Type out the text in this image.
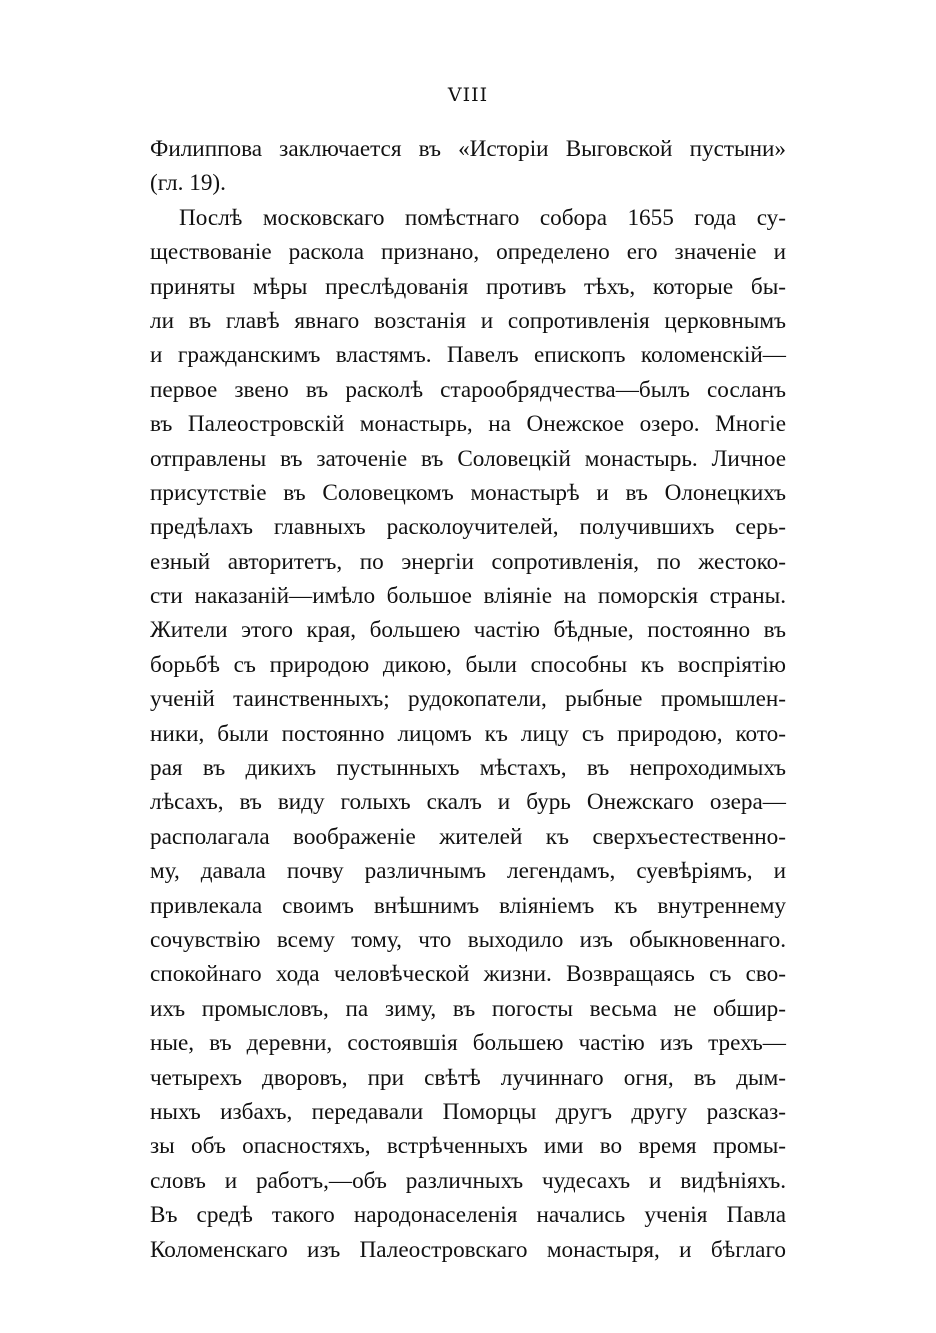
VIII
Филиппова заключается въ «Исторіи Выговской пустыни»
(гл. 19).
Послѣ московскаго помѣстнаго собора 1655 года су-
ществованіе раскола признано, определено его значеніе и
приняты мѣры преслѣдованія противъ тѣхъ, которые бы-
ли въ главѣ явнаго возстанія и сопротивленія церковнымъ
и гражданскимъ властямъ. Павелъ епископъ коломенскій—
первое звено въ расколѣ старообрядчества—былъ сосланъ
въ Палеостровскій монастырь, на Онежское озеро. Многіе
отправлены въ заточеніе въ Соловецкій монастырь. Личное
присутствіе въ Соловецкомъ монастырѣ и въ Олонецкихъ
предѣлахъ главныхъ расколоучителей, получившихъ серь-
езный авторитетъ, по энергіи сопротивленія, по жестоко-
сти наказаній—имѣло большое вліяніе на поморскія страны.
Жители этого края, большею частію бѣдные, постоянно въ
борьбѣ съ природою дикою, были способны къ воспріятію
ученій таинственныхъ; рудокопатели, рыбные промышлен-
ники, были постоянно лицомъ къ лицу съ природою, кото-
рая въ дикихъ пустынныхъ мѣстахъ, въ непроходимыхъ
лѣсахъ, въ виду голыхъ скалъ и бурь Онежскаго озера—
располагала воображеніе жителей къ сверхъестественно-
му, давала почву различнымъ легендамъ, суевѣріямъ, и
привлекала своимъ внѣшнимъ вліяніемъ къ внутреннему
сочувствію всему тому, что выходило изъ обыкновеннаго.
спокойнаго хода человѣческой жизни. Возвращаясь съ сво-
ихъ промысловъ, па зиму, въ погосты весьма не обшир-
ные, въ деревни, состоявшія большею частію изъ трехъ—
четырехъ дворовъ, при свѣтѣ лучиннаго огня, въ дым-
ныхъ избахъ, передавали Поморцы другъ другу разсказ-
зы объ опасностяхъ, встрѣченныхъ ими во время промы-
словъ и работъ,—объ различныхъ чудесахъ и видѣніяхъ.
Въ средѣ такого народонаселенія начались ученія Павла
Коломенскаго изъ Палеостровскаго монастыря, и бѣглаго
